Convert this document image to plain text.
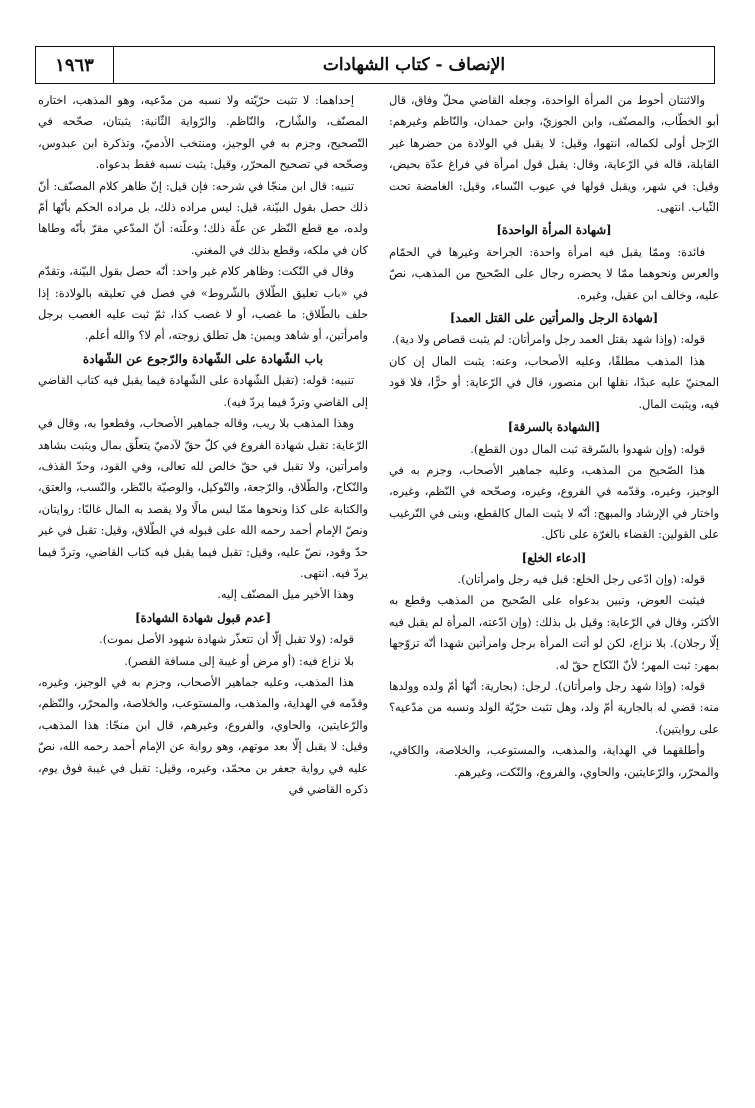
الإنصاف - كتاب الشهادات
١٩٦٣
والاثنتان أحوط من المرأة الواحدة، وجعله القاضي محلّ وفاق، قال أبو الخطّاب، والمصنّف، وابن الجوزيّ، وابن حمدان، والنّاظم وغيرهم: الرّجل أولى لكماله، انتهوا، وقيل: لا يقبل في الولادة من حضرها غير القابلة، قاله في الرّعاية، وقال: يقبل قول امرأة في فراغ عدّة بحيض، وقيل: في شهر، ويقبل قولها في عيوب النّساء، وقيل: الغامضة تحت الثّياب. انتهى.
[شهادة المرأة الواحدة]
فائدة: وممّا يقبل فيه امرأة واحدة: الجراحة وغيرها في الحمّام والعرس ونحوهما ممّا لا يحضره رجال على الصّحيح من المذهب، نصّ عليه، وخالف ابن عقيل، وغيره.
[شهادة الرجل والمرأتين على القتل العمد]
قوله: (وإذا شهد بقتل العمد رجل وامرأتان: لم يثبت قصاص ولا دية).
هذا المذهب مطلقًا، وعليه الأصحاب، وعنه: يثبت المال إن كان المجنيّ عليه عبدًا، نقلها ابن منصور، قال في الرّعاية: أو حرًّا، فلا قود فيه، ويثبت المال.
[الشهادة بالسرقة]
قوله: (وإن شهدوا بالسّرقة ثبت المال دون القطع).
هذا الصّحيح من المذهب، وعليه جماهير الأصحاب، وجزم به في الوجيز، وغيره، وقدّمه في الفروع، وغيره، وصحّحه في النّظم، وغيره، واختار في الإرشاد والمبهج: أنّه لا يثبت المال كالقطع، وبنى في التّرغيب على القولين: القضاء بالغرّة على ناكل.
[ادعاء الخلع]
قوله: (وإن ادّعى رجل الخلع: قبل فيه رجل وامرأتان).
فيثبت العوض، وتبين بدعواه على الصّحيح من المذهب وقطع به الأكثر، وقال في الرّعاية: وقيل بل بذلك: (وإن ادّعته، المرأة لم يقبل فيه إلّا رجلان). بلا نزاع، لكن لو أتت المرأة برجل وامرأتين شهدا أنّه تزوّجها بمهر: ثبت المهر؛ لأنّ النّكاح حقّ له.
قوله: (وإذا شهد رجل وامرأتان). لرجل: (بجارية: أنّها أمّ ولده وولدها منه: قضي له بالجارية أمّ ولد، وهل تثبت حرّيّة الولد ونسبه من مدّعيه؟ على روايتين).
وأطلقهما في الهداية، والمذهب، والمستوعب، والخلاصة، والكافي، والمحرّر، والرّعايتين، والحاوي، والفروع، والنّكت، وغيرهم.
إحداهما: لا تثبت حرّيّته ولا نسبه من مدّعيه، وهو المذهب، اختاره المصنّف، والشّارح، والنّاظم. والرّواية الثّانية: يثبتان، صحّحه في التّصحيح، وجزم به في الوجيز، ومنتخب الأدميّ، وتذكرة ابن عبدوس، وصحّحه في تصحيح المحرّر، وقيل: يثبت نسبه فقط بدعواه.
تنبيه: قال ابن منجّا في شرحه: فإن قيل: إنّ ظاهر كلام المصنّف: أنّ ذلك حصل بقول البيّنة، قيل: ليس مراده ذلك، بل مراده الحكم بأنّها أمّ ولده، مع قطع النّظر عن علّة ذلك؛ وعلّته: أنّ المدّعي مقرّ بأنّه وطاها كان في ملكه، وقطع بذلك في المغني.
وقال في النّكت: وظاهر كلام غير واحد: أنّه حصل بقول البيّنة، وتقدّم في «باب تعليق الطّلاق بالشّروط» في فصل في تعليقه بالولادة: إذا حلف بالطّلاق: ما غصب، أو لا غصب كذا، ثمّ ثبت عليه الغصب برجل وامرأتين، أو شاهد ويمين: هل تطلق زوجته، أم لا؟ والله أعلم.
باب الشّهادة على الشّهادة والرّجوع عن الشّهادة
تنبيه: قوله: (تقبل الشّهادة على الشّهادة فيما يقبل فيه كتاب القاضي إلى القاضي وتردّ فيما يردّ فيه).
وهذا المذهب بلا ريب، وقاله جماهير الأصحاب، وقطعوا به، وقال في الرّعاية: تقبل شهادة الفروع في كلّ حقّ لآدميّ يتعلّق بمال ويثبت بشاهد وامرأتين، ولا تقبل في حقّ خالص لله تعالى، وفي القود، وحدّ القذف، والنّكاح، والطّلاق، والرّجعة، والتّوكيل، والوصيّة بالنّظر، والنّسب، والعتق، والكتابة على كذا ونحوها ممّا ليس مالًا ولا يقصد به المال غالبًا: روايتان، ونصّ الإمام أحمد رحمه الله على قبوله في الطّلاق، وقيل: تقبل في غير حدّ وقود، نصّ عليه، وقيل: تقبل فيما يقبل فيه كتاب القاضي، وتردّ فيما يردّ فيه. انتهى.
وهذا الأخير ميل المصنّف إليه.
[عدم قبول شهادة الشهادة]
قوله: (ولا تقبل إلّا أن تتعذّر شهادة شهود الأصل بموت).
بلا نزاع فيه: (أو مرض أو غيبة إلى مسافة القصر).
هذا المذهب، وعليه جماهير الأصحاب، وجزم به في الوجيز، وغيره، وقدّمه في الهداية، والمذهب، والمستوعب، والخلاصة، والمحرّر، والنّظم، والرّعايتين، والحاوي، والفروع، وغيرهم، قال ابن منجّا: هذا المذهب، وقيل: لا يقبل إلّا بعد موتهم، وهو رواية عن الإمام أحمد رحمه الله، نصّ عليه في رواية جعفر بن محمّد، وغيره، وقيل: تقبل في غيبة فوق يوم، ذكره القاضي في
